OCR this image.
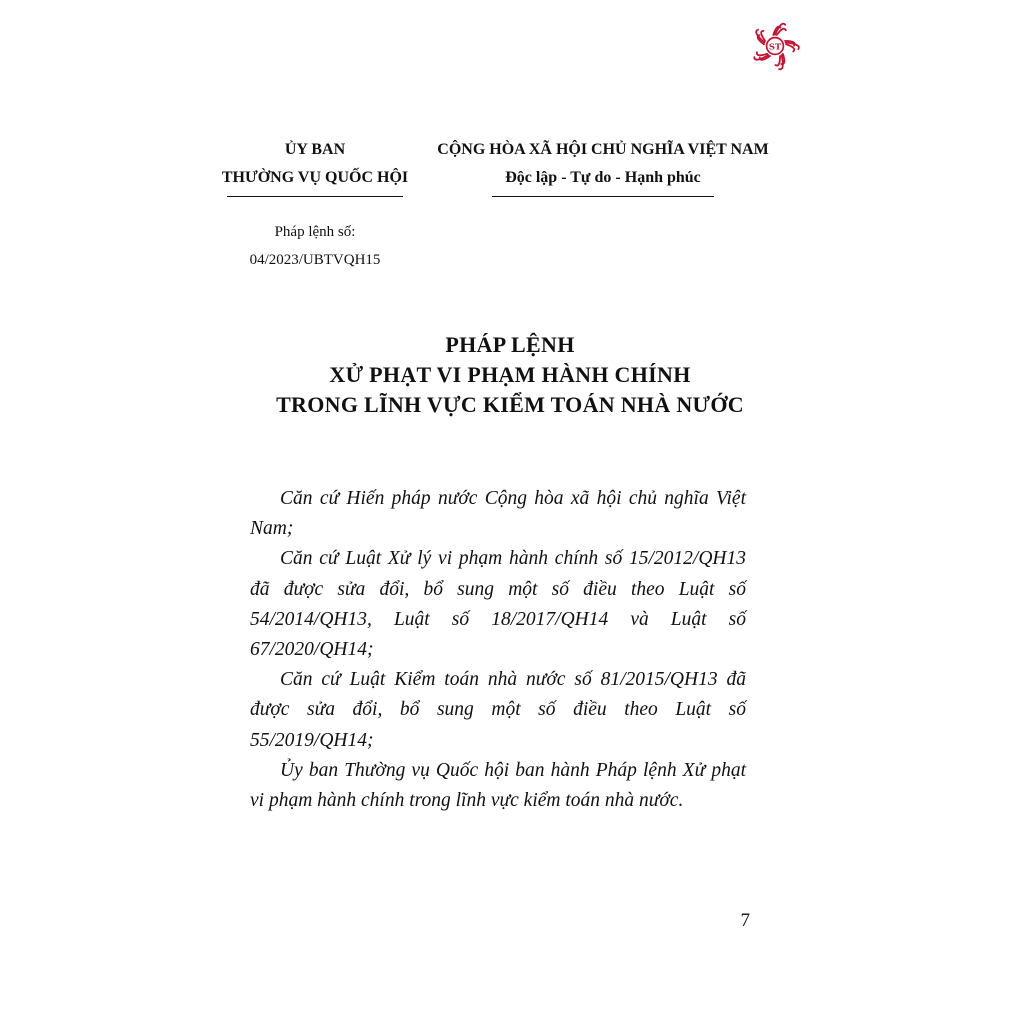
ST
ỦY BAN
THƯỜNG VỤ QUỐC HỘI
CỘNG HÒA XÃ HỘI CHỦ NGHĨA VIỆT NAM
Độc lập - Tự do - Hạnh phúc
Pháp lệnh số:
04/2023/UBTVQH15
PHÁP LỆNH
XỬ PHẠT VI PHẠM HÀNH CHÍNH
TRONG LĨNH VỰC KIỂM TOÁN NHÀ NƯỚC

Căn cứ Hiến pháp nước Cộng hòa xã hội chủ nghĩa Việt Nam;

Căn cứ Luật Xử lý vi phạm hành chính số 15/2012/QH13 đã được sửa đổi, bổ sung một số điều theo Luật số 54/2014/QH13, Luật số 18/2017/QH14 và Luật số 67/2020/QH14;

Căn cứ Luật Kiểm toán nhà nước số 81/2015/QH13 đã được sửa đổi, bổ sung một số điều theo Luật số 55/2019/QH14;

Ủy ban Thường vụ Quốc hội ban hành Pháp lệnh Xử phạt vi phạm hành chính trong lĩnh vực kiểm toán nhà nước.

7
